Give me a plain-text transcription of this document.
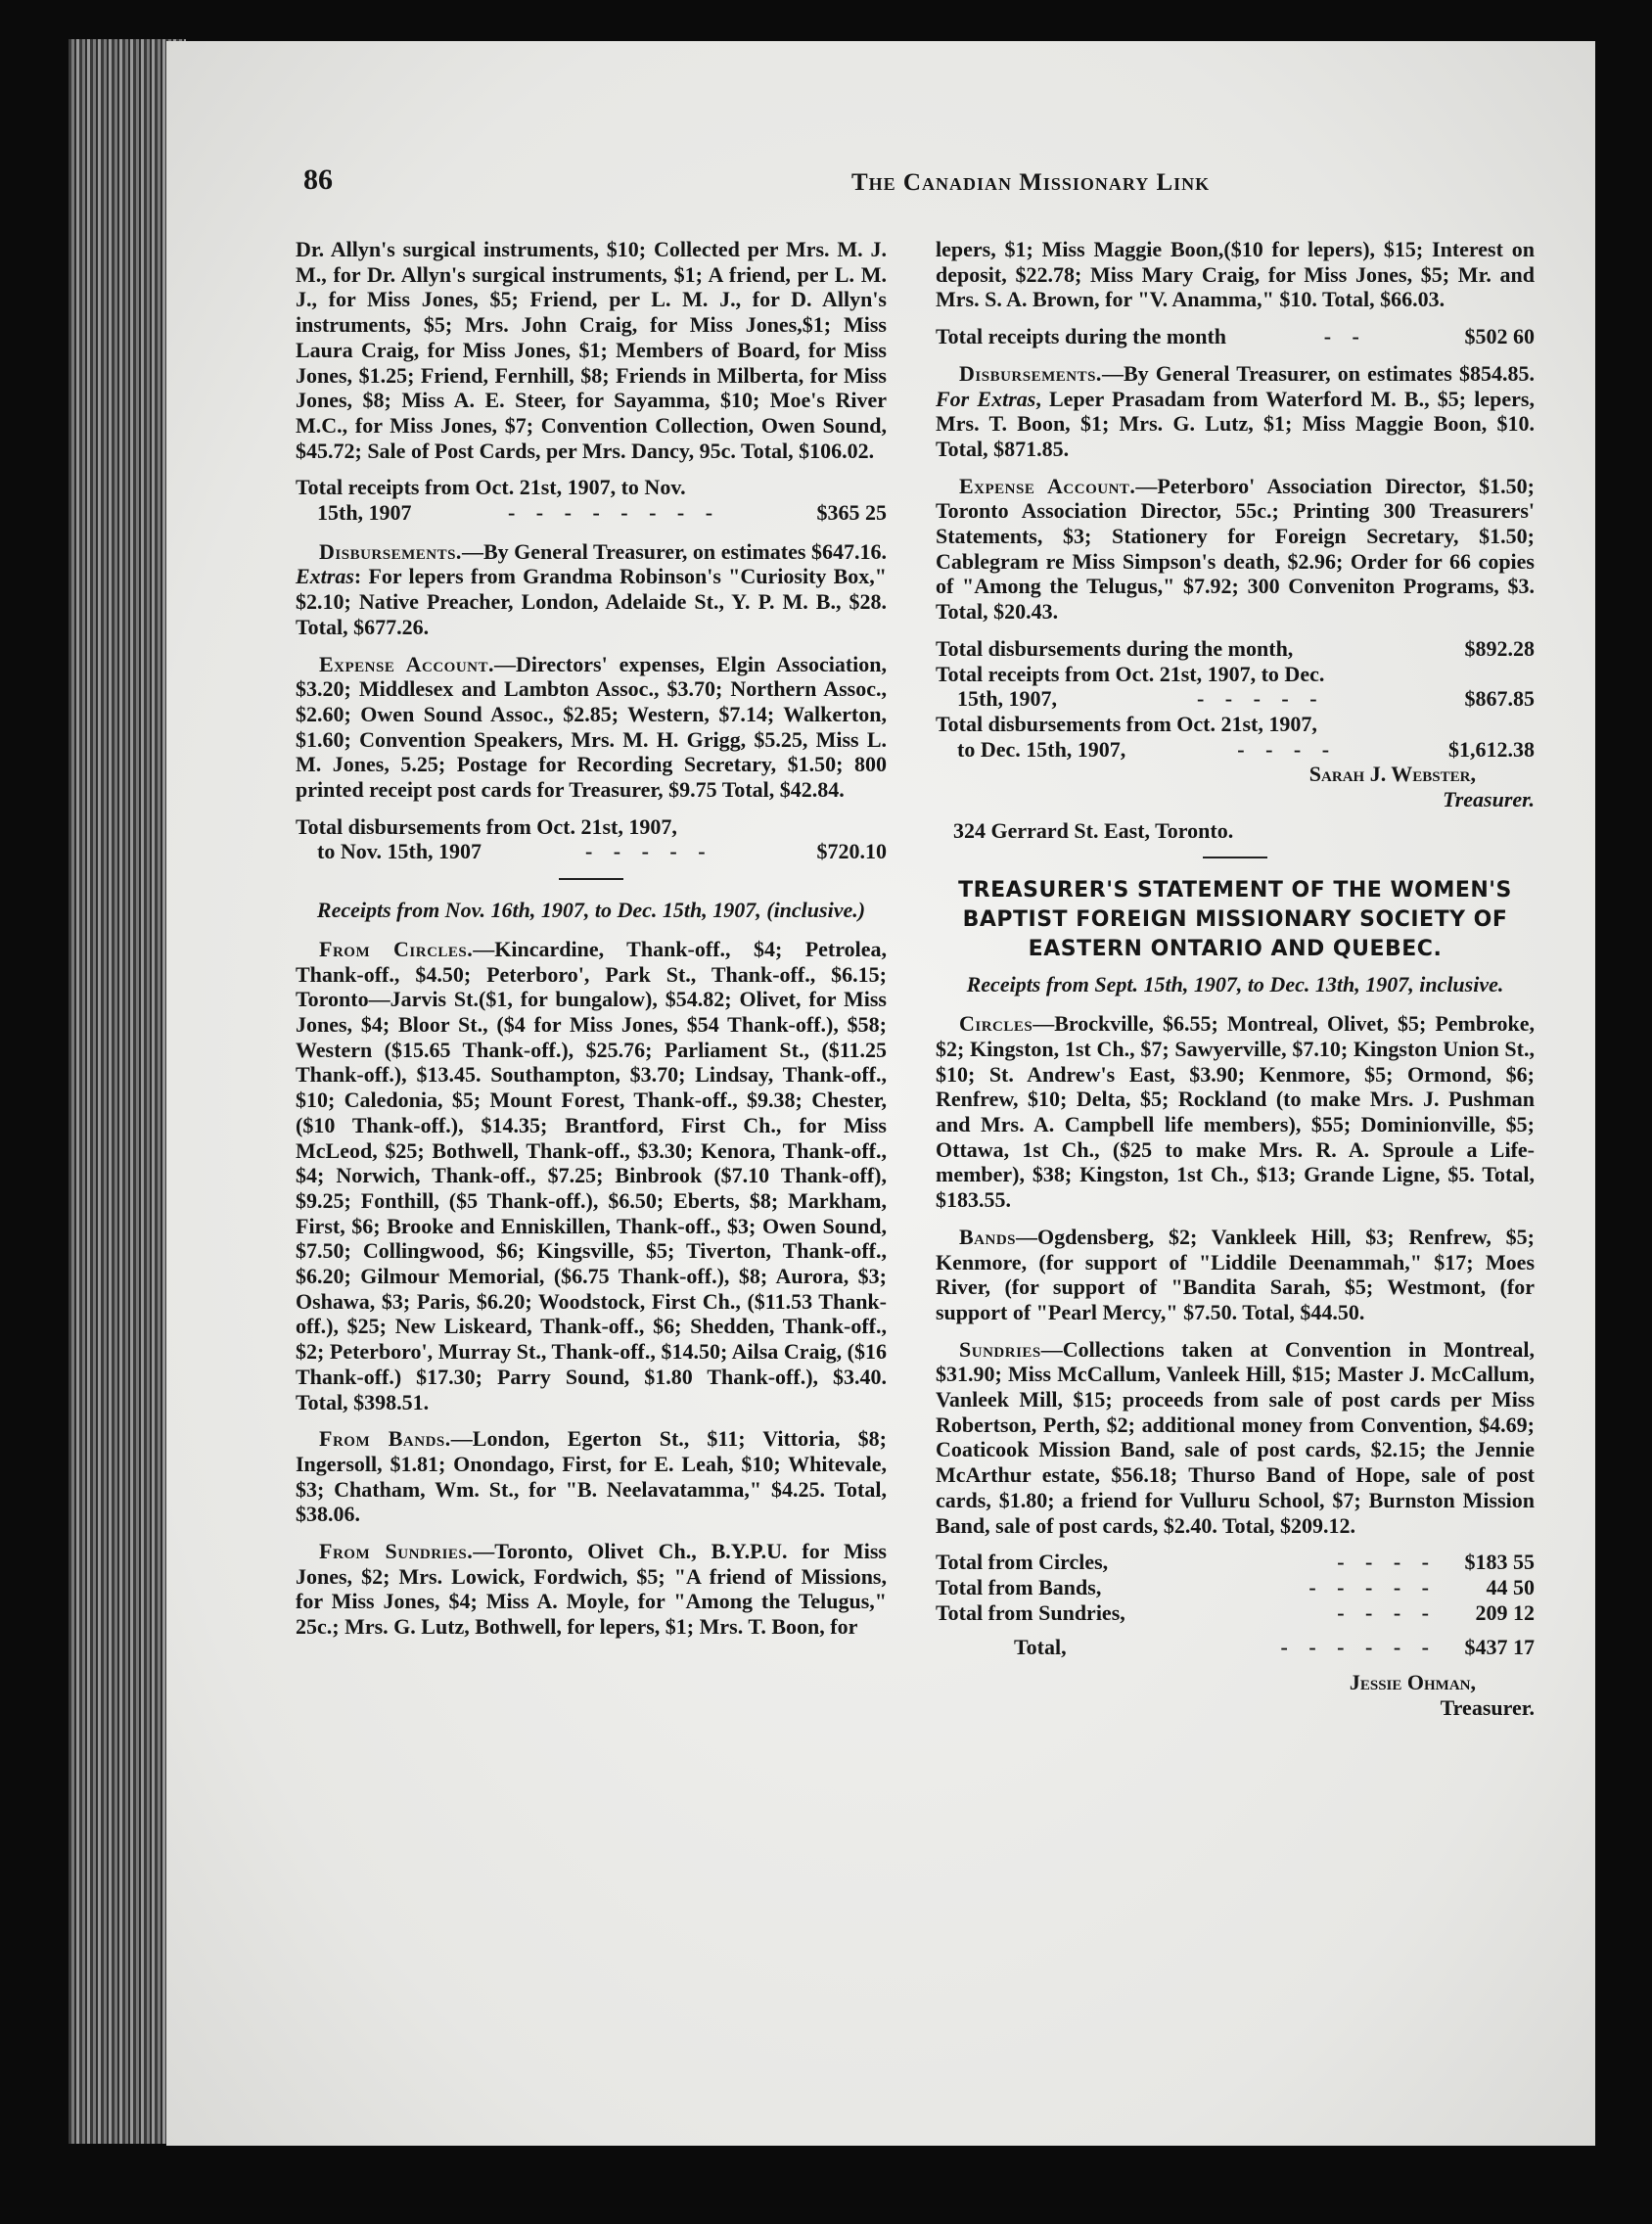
86	The Canadian Missionary Link

Dr. Allyn's surgical instruments, $10; Collected per Mrs. M. J. M., for Dr. Allyn's surgical instruments, $1; A friend, per L. M. J., for Miss Jones, $5; Friend, per L. M. J., for D. Allyn's instruments, $5; Mrs. John Craig, for Miss Jones,$1; Miss Laura Craig, for Miss Jones, $1; Members of Board, for Miss Jones, $1.25; Friend, Fernhill, $8; Friends in Milberta, for Miss Jones, $8; Miss A. E. Steer, for Sayamma, $10; Moe's River M.C., for Miss Jones, $7; Convention Collection, Owen Sound, $45.72; Sale of Post Cards, per Mrs. Dancy, 95c. Total, $106.02.

Total receipts from Oct. 21st, 1907, to Nov.

15th, 1907	- - - - - - - -	$365 25

Disbursements.—By General Treasurer, on estimates $647.16. Extras: For lepers from Grandma Robinson's "Curiosity Box," $2.10; Native Preacher, London, Adelaide St., Y. P. M. B., $28. Total, $677.26.

Expense Account.—Directors' expenses, Elgin Association, $3.20; Middlesex and Lambton Assoc., $3.70; Northern Assoc., $2.60; Owen Sound Assoc., $2.85; Western, $7.14; Walkerton, $1.60; Convention Speakers, Mrs. M. H. Grigg, $5.25, Miss L. M. Jones, 5.25; Postage for Recording Secretary, $1.50; 800 printed receipt post cards for Treasurer, $9.75 Total, $42.84.

Total disbursements from Oct. 21st, 1907,

to Nov. 15th, 1907	- - - - -	$720.10

Receipts from Nov. 16th, 1907, to Dec. 15th, 1907, (inclusive.)

From Circles.—Kincardine, Thank-off., $4; Petrolea, Thank-off., $4.50; Peterboro', Park St., Thank-off., $6.15; Toronto—Jarvis St.($1, for bungalow), $54.82; Olivet, for Miss Jones, $4; Bloor St., ($4 for Miss Jones, $54 Thank-off.), $58; Western ($15.65 Thank-off.), $25.76; Parliament St., ($11.25 Thank-off.), $13.45. Southampton, $3.70; Lindsay, Thank-off., $10; Caledonia, $5; Mount Forest, Thank-off., $9.38; Chester, ($10 Thank-off.), $14.35; Brantford, First Ch., for Miss McLeod, $25; Bothwell, Thank-off., $3.30; Kenora, Thank-off., $4; Norwich, Thank-off., $7.25; Binbrook ($7.10 Thank-off), $9.25; Fonthill, ($5 Thank-off.), $6.50; Eberts, $8; Markham, First, $6; Brooke and Enniskillen, Thank-off., $3; Owen Sound, $7.50; Collingwood, $6; Kingsville, $5; Tiverton, Thank-off., $6.20; Gilmour Memorial, ($6.75 Thank-off.), $8; Aurora, $3; Oshawa, $3; Paris, $6.20; Woodstock, First Ch., ($11.53 Thank-off.), $25; New Liskeard, Thank-off., $6; Shedden, Thank-off., $2; Peterboro', Murray St., Thank-off., $14.50; Ailsa Craig, ($16 Thank-off.) $17.30; Parry Sound, $1.80 Thank-off.), $3.40. Total, $398.51.

From Bands.—London, Egerton St., $11; Vittoria, $8; Ingersoll, $1.81; Onondago, First, for E. Leah, $10; Whitevale, $3; Chatham, Wm. St., for "B. Neelavatamma," $4.25. Total, $38.06.

From Sundries.—Toronto, Olivet Ch., B.Y.P.U. for Miss Jones, $2; Mrs. Lowick, Fordwich, $5; "A friend of Missions, for Miss Jones, $4; Miss A. Moyle, for "Among the Telugus," 25c.; Mrs. G. Lutz, Bothwell, for lepers, $1; Mrs. T. Boon, for

lepers, $1; Miss Maggie Boon,($10 for lepers), $15; Interest on deposit, $22.78; Miss Mary Craig, for Miss Jones, $5; Mr. and Mrs. S. A. Brown, for "V. Anamma," $10. Total, $66.03.

Total receipts during the month	- -	$502 60

Disbursements.—By General Treasurer, on estimates $854.85. For Extras, Leper Prasadam from Waterford M. B., $5; lepers, Mrs. T. Boon, $1; Mrs. G. Lutz, $1; Miss Maggie Boon, $10. Total, $871.85.

Expense Account.—Peterboro' Association Director, $1.50; Toronto Association Director, 55c.; Printing 300 Treasurers' Statements, $3; Stationery for Foreign Secretary, $1.50; Cablegram re Miss Simpson's death, $2.96; Order for 66 copies of "Among the Telugus," $7.92; 300 Conveniton Programs, $3. Total, $20.43.

Total disbursements during the month,	$892.28

Total receipts from Oct. 21st, 1907, to Dec.

15th, 1907,	- - - - -	$867.85

Total disbursements from Oct. 21st, 1907,

to Dec. 15th, 1907,	- - - -	$1,612.38

Sarah J. Webster,

Treasurer.

324 Gerrard St. East, Toronto.

TREASURER'S STATEMENT OF THE WOMEN'S BAPTIST FOREIGN MISSIONARY SOCIETY OF EASTERN ONTARIO AND QUEBEC.

Receipts from Sept. 15th, 1907, to Dec. 13th, 1907, inclusive.

Circles—Brockville, $6.55; Montreal, Olivet, $5; Pembroke, $2; Kingston, 1st Ch., $7; Sawyerville, $7.10; Kingston Union St., $10; St. Andrew's East, $3.90; Kenmore, $5; Ormond, $6; Renfrew, $10; Delta, $5; Rockland (to make Mrs. J. Pushman and Mrs. A. Campbell life members), $55; Dominionville, $5; Ottawa, 1st Ch., ($25 to make Mrs. R. A. Sproule a Life-member), $38; Kingston, 1st Ch., $13; Grande Ligne, $5. Total, $183.55.

Bands—Ogdensberg, $2; Vankleek Hill, $3; Renfrew, $5; Kenmore, (for support of "Liddile Deenammah," $17; Moes River, (for support of "Bandita Sarah, $5; Westmont, (for support of "Pearl Mercy," $7.50. Total, $44.50.

Sundries—Collections taken at Convention in Montreal, $31.90; Miss McCallum, Vanleek Hill, $15; Master J. McCallum, Vanleek Mill, $15; proceeds from sale of post cards per Miss Robertson, Perth, $2; additional money from Convention, $4.69; Coaticook Mission Band, sale of post cards, $2.15; the Jennie McArthur estate, $56.18; Thurso Band of Hope, sale of post cards, $1.80; a friend for Vulluru School, $7; Burnston Mission Band, sale of post cards, $2.40. Total, $209.12.

Total from Circles,	- - - -	$183 55

Total from Bands,	- - - - -	44 50

Total from Sundries,	- - - -	209 12

Total,	- - - - - -	$437 17

Jessie Ohman,

Treasurer.
